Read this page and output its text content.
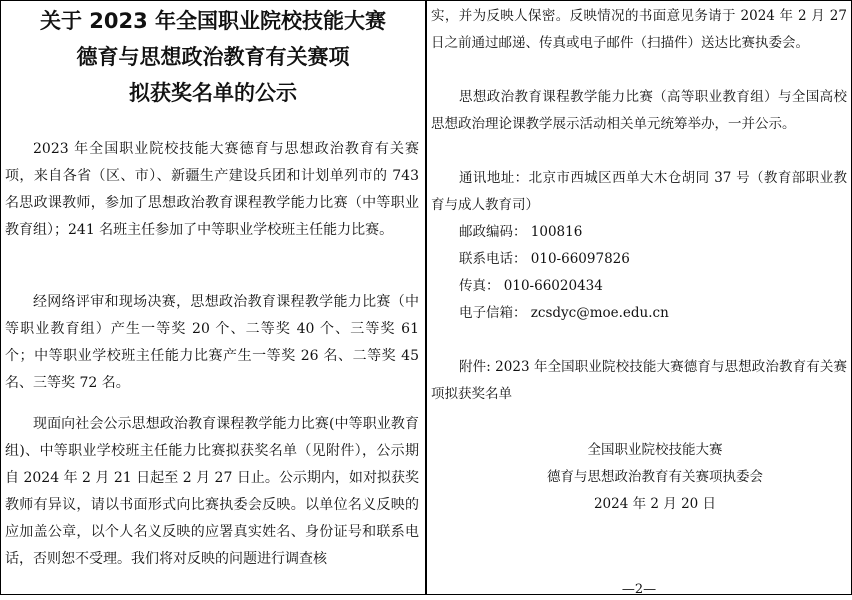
关于 2023 年全国职业院校技能大赛

德育与思想政治教育有关赛项

拟获奖名单的公示

2023 年全国职业院校技能大赛德育与思想政治教育有关赛项，来自各省（区、市）、新疆生产建设兵团和计划单列市的 743 名思政课教师，参加了思想政治教育课程教学能力比赛（中等职业教育组）；241 名班主任参加了中等职业学校班主任能力比赛。

经网络评审和现场决赛，思想政治教育课程教学能力比赛（中等职业教育组）产生一等奖 20 个、二等奖 40 个、三等奖 61 个；中等职业学校班主任能力比赛产生一等奖 26 名、二等奖 45 名、三等奖 72 名。

现面向社会公示思想政治教育课程教学能力比赛(中等职业教育组)、中等职业学校班主任能力比赛拟获奖名单（见附件），公示期自 2024 年 2 月 21 日起至 2 月 27 日止。公示期内，如对拟获奖教师有异议，请以书面形式向比赛执委会反映。以单位名义反映的应加盖公章，以个人名义反映的应署真实姓名、身份证号和联系电话，否则恕不受理。我们将对反映的问题进行调查核

实，并为反映人保密。反映情况的书面意见务请于 2024 年 2 月 27 日之前通过邮递、传真或电子邮件（扫描件）送达比赛执委会。

思想政治教育课程教学能力比赛（高等职业教育组）与全国高校思想政治理论课教学展示活动相关单元统筹举办，一并公示。

通讯地址：北京市西城区西单大木仓胡同 37 号（教育部职业教育与成人教育司）

邮政编码： 100816

联系电话： 010-66097826

传真： 010-66020434

电子信箱： zcsdyc@moe.edu.cn

附件: 2023 年全国职业院校技能大赛德育与思想政治教育有关赛项拟获奖名单

全国职业院校技能大赛
德育与思想政治教育有关赛项执委会
2024 年 2 月 20 日
—2—
